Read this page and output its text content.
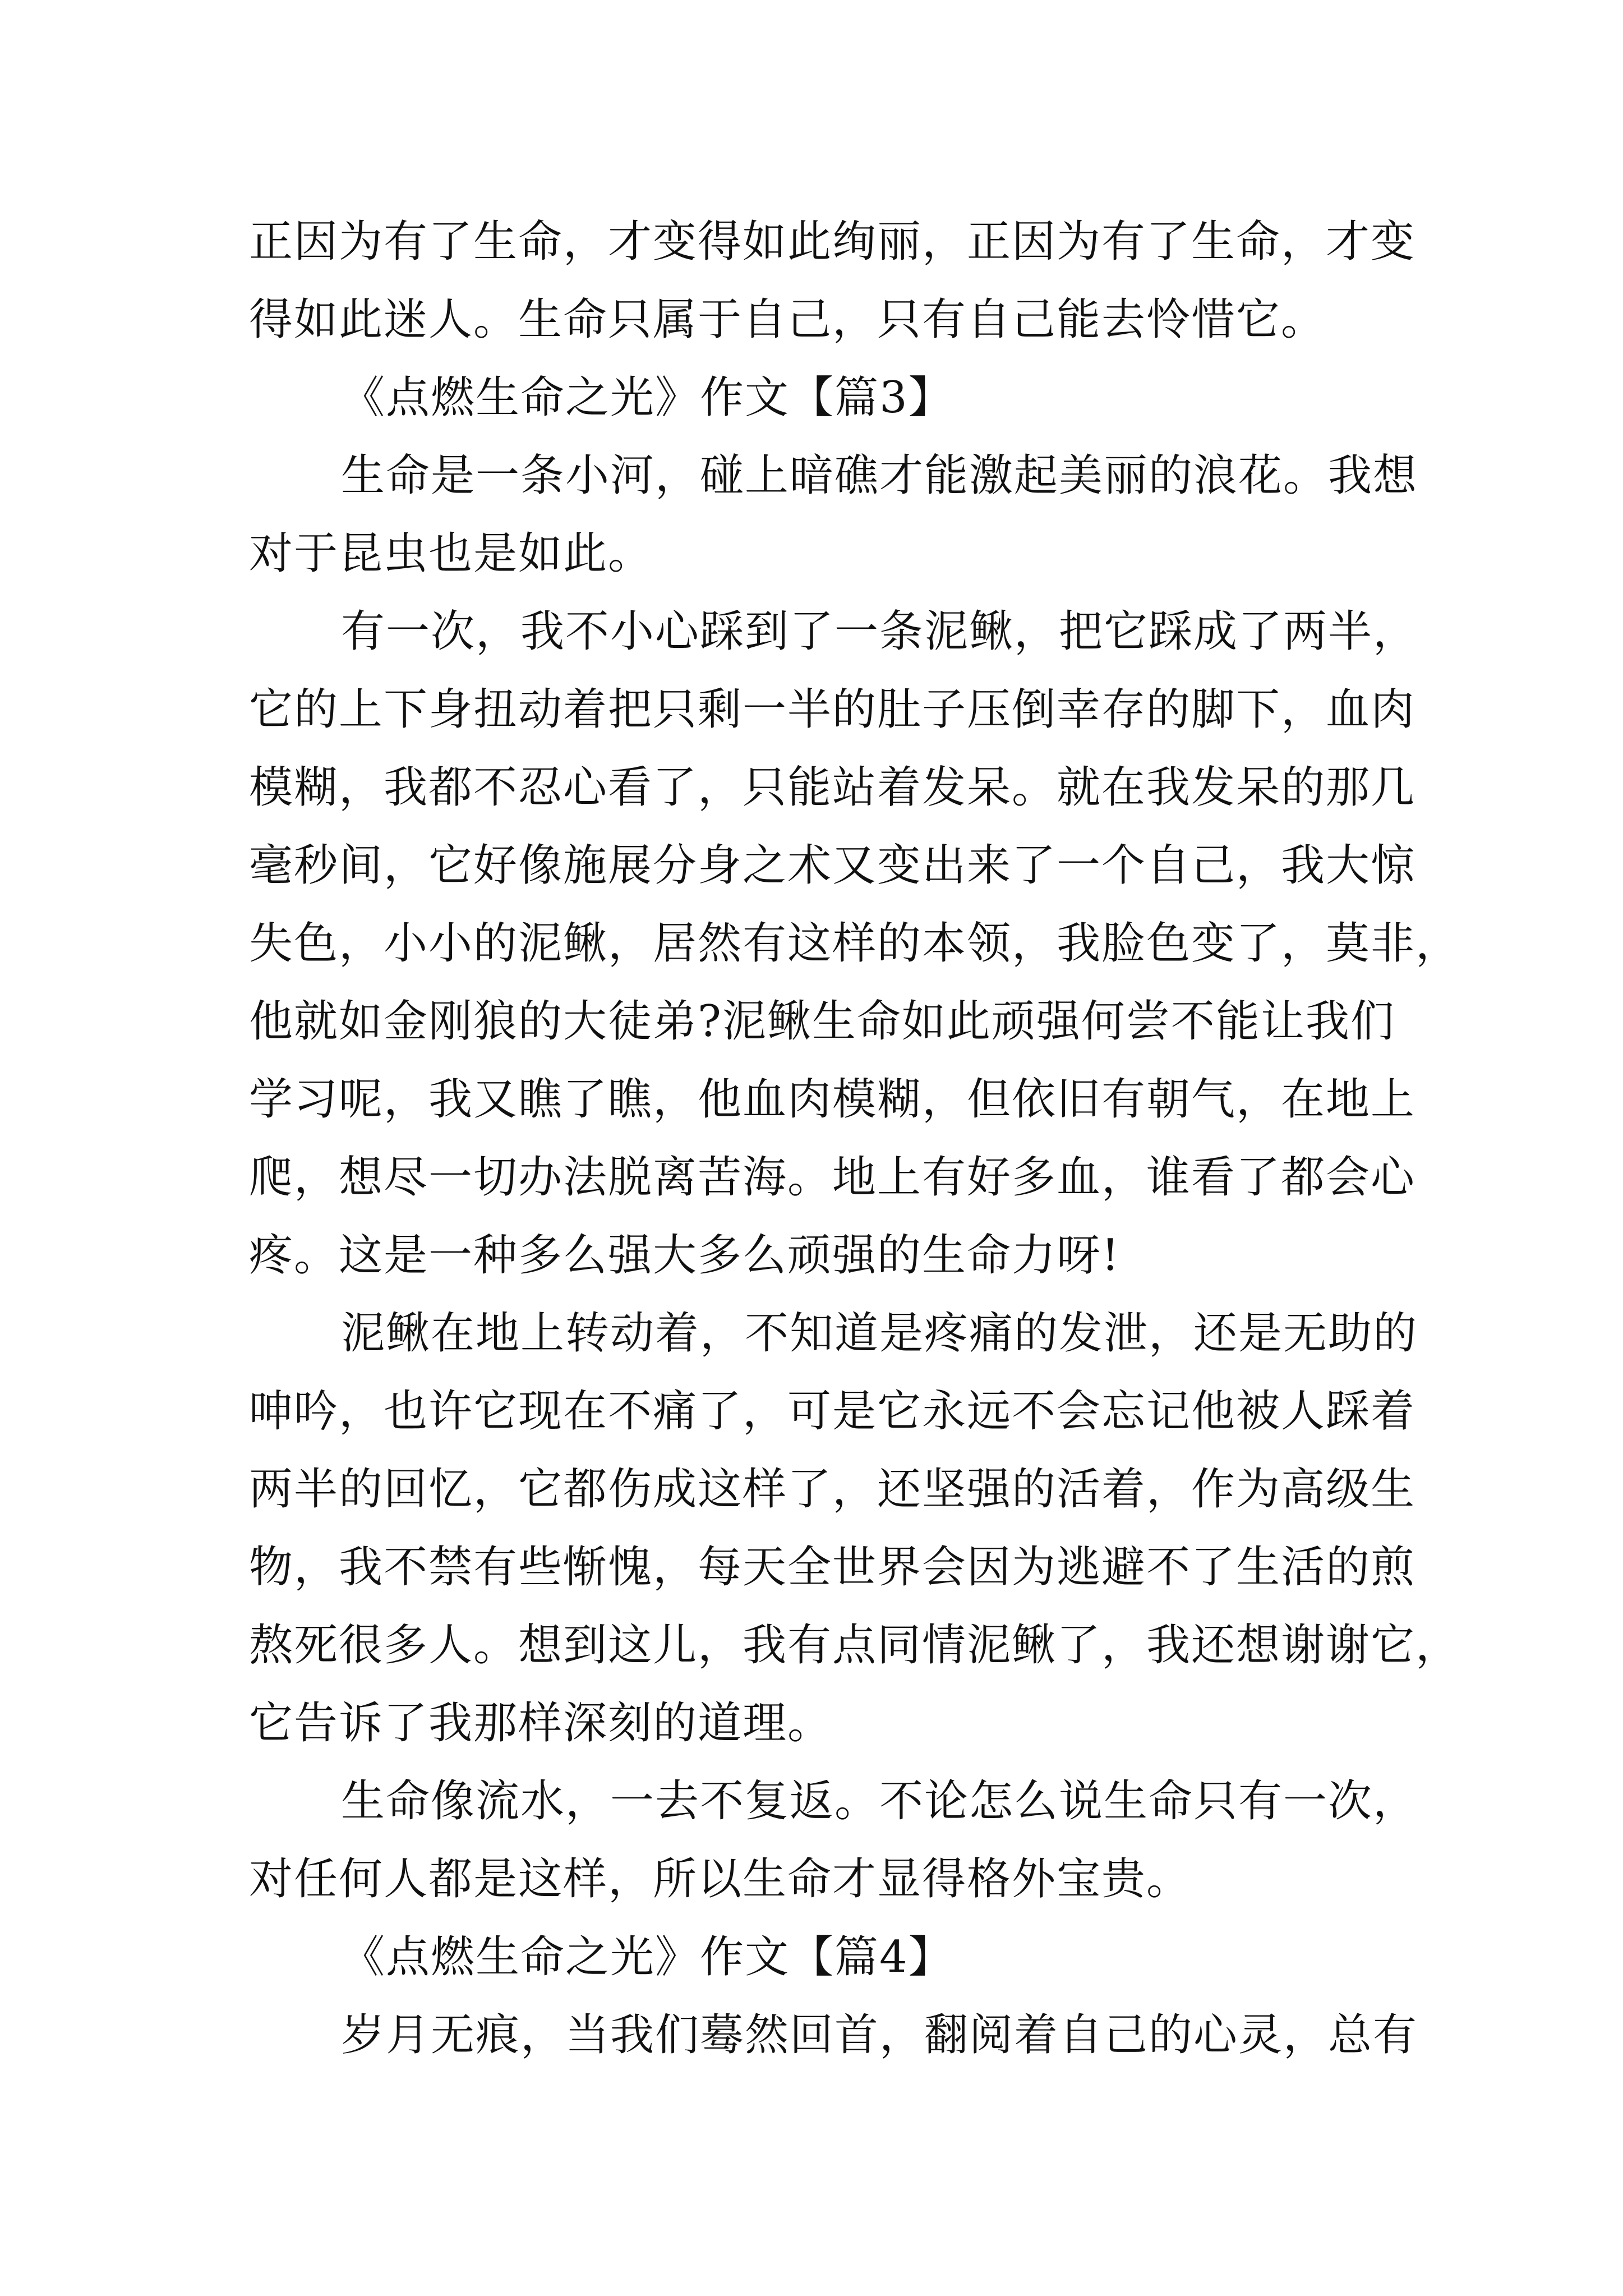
正因为有了生命，才变得如此绚丽，正因为有了生命，才变
得如此迷人。生命只属于自己，只有自己能去怜惜它。
《点燃生命之光》作文【篇3】
生命是一条小河，碰上暗礁才能激起美丽的浪花。我想
对于昆虫也是如此。
有一次，我不小心踩到了一条泥鳅，把它踩成了两半，
它的上下身扭动着把只剩一半的肚子压倒幸存的脚下，血肉
模糊，我都不忍心看了，只能站着发呆。就在我发呆的那几
毫秒间，它好像施展分身之术又变出来了一个自己，我大惊
失色，小小的泥鳅，居然有这样的本领，我脸色变了，莫非，
他就如金刚狼的大徒弟?泥鳅生命如此顽强何尝不能让我们
学习呢，我又瞧了瞧，他血肉模糊，但依旧有朝气，在地上
爬，想尽一切办法脱离苦海。地上有好多血，谁看了都会心
疼。这是一种多么强大多么顽强的生命力呀!
泥鳅在地上转动着，不知道是疼痛的发泄，还是无助的
呻吟，也许它现在不痛了，可是它永远不会忘记他被人踩着
两半的回忆，它都伤成这样了，还坚强的活着，作为高级生
物，我不禁有些惭愧，每天全世界会因为逃避不了生活的煎
熬死很多人。想到这儿，我有点同情泥鳅了，我还想谢谢它，
它告诉了我那样深刻的道理。
生命像流水，一去不复返。不论怎么说生命只有一次，
对任何人都是这样，所以生命才显得格外宝贵。
《点燃生命之光》作文【篇4】
岁月无痕，当我们蓦然回首，翻阅着自己的心灵，总有
